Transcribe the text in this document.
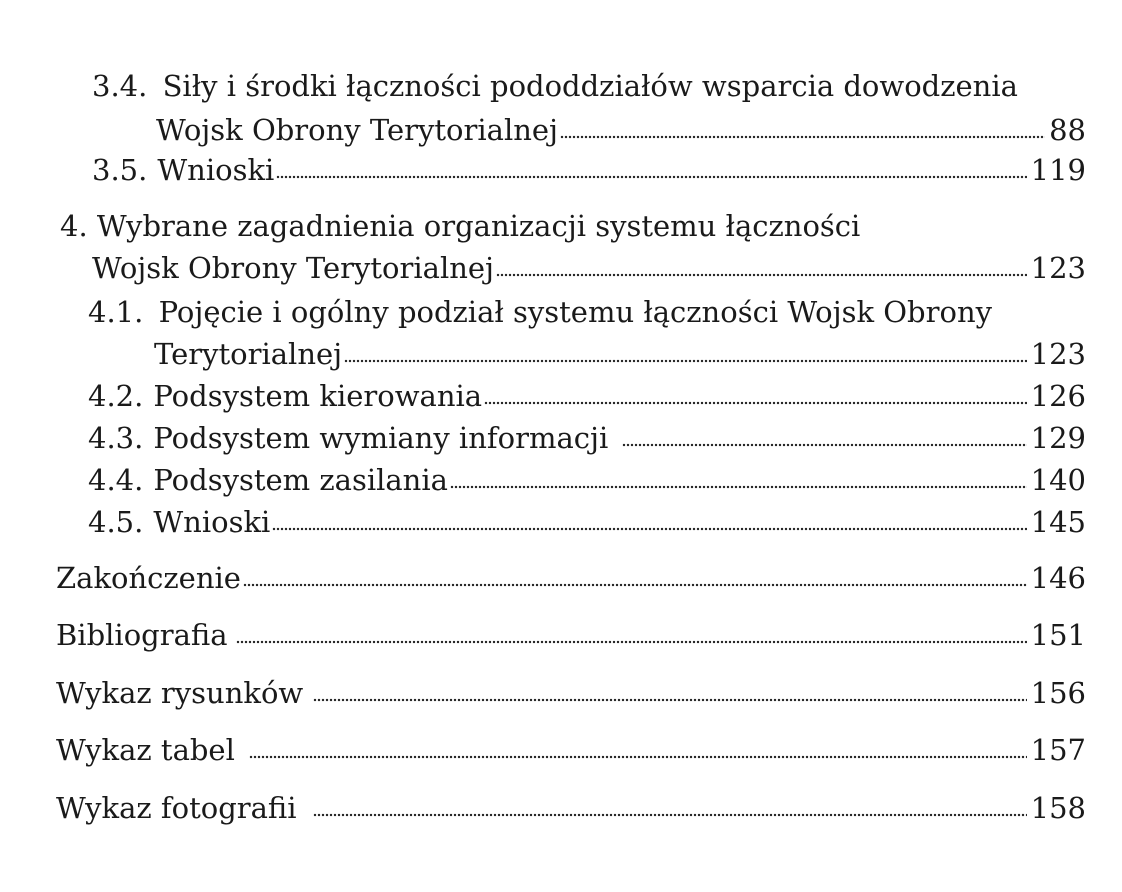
3.4. Siły i środki łączności pododdziałów wsparcia dowodzenia
Wojsk Obrony Terytorialnej	88
3.5. Wnioski	119
4. Wybrane zagadnienia organizacji systemu łączności
Wojsk Obrony Terytorialnej	123
4.1. Pojęcie i ogólny podział systemu łączności Wojsk Obrony
Terytorialnej	123
4.2. Podsystem kierowania	126
4.3. Podsystem wymiany informacji	129
4.4. Podsystem zasilania	140
4.5. Wnioski	145
Zakończenie	146
Bibliografia	151
Wykaz rysunków	156
Wykaz tabel	157
Wykaz fotografii	158
